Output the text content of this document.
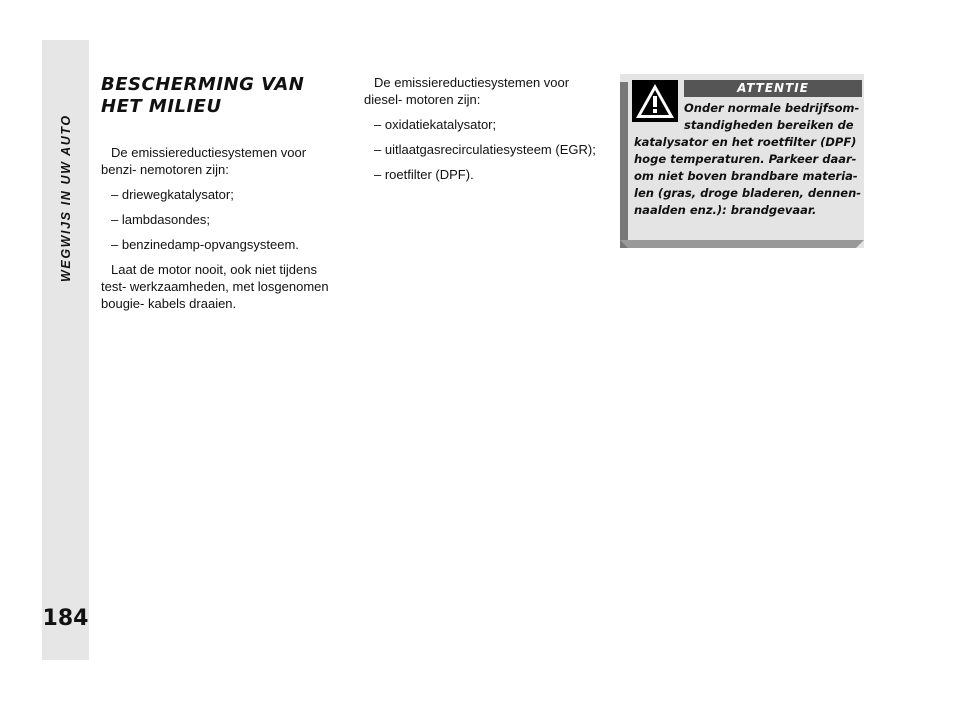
WEGWIJS IN UW AUTO
184
BESCHERMING VAN
HET MILIEU

De emissiereductiesystemen voor benzi- nemotoren zijn:

– driewegkatalysator;

– lambdasondes;

– benzinedamp-opvangsysteem.

Laat de motor nooit, ook niet tijdens test- werkzaamheden, met losgenomen bougie- kabels draaien.

De emissiereductiesystemen voor diesel- motoren zijn:

– oxidatiekatalysator;

– uitlaatgasrecirculatiesysteem (EGR);

– roetfilter (DPF).

ATTENTIE

Onder normale bedrijfsom- standigheden bereiken de katalysator en het roetfilter (DPF) hoge temperaturen. Parkeer daar- om niet boven brandbare materia- len (gras, droge bladeren, dennen- naalden enz.): brandgevaar.
